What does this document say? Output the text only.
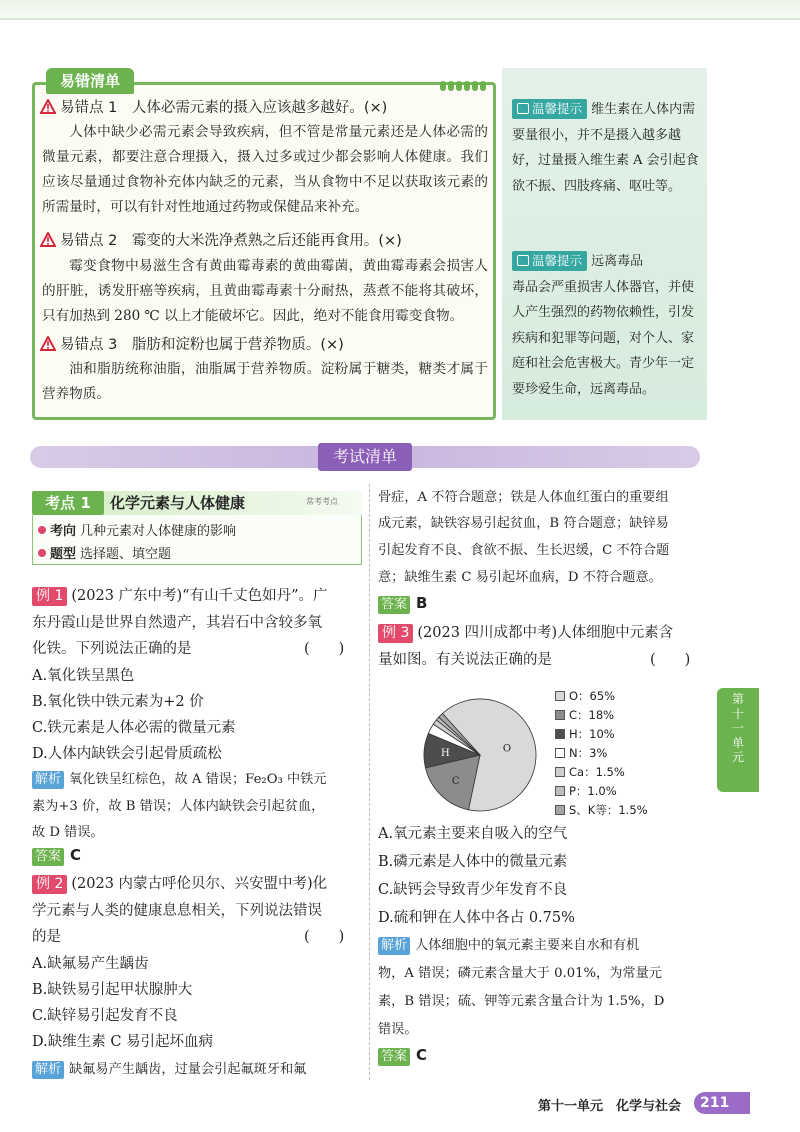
易错清单
易错点 1　人体必需元素的摄入应该越多越好。(×)
人体中缺少必需元素会导致疾病，但不管是常量元素还是人体必需的微量元素，都要注意合理摄入，摄入过多或过少都会影响人体健康。我们应该尽量通过食物补充体内缺乏的元素，当从食物中不足以获取该元素的所需量时，可以有针对性地通过药物或保健品来补充。
易错点 2　霉变的大米洗净煮熟之后还能再食用。(×)
霉变食物中易滋生含有黄曲霉毒素的黄曲霉菌，黄曲霉毒素会损害人的肝脏，诱发肝癌等疾病，且黄曲霉毒素十分耐热，蒸煮不能将其破坏，只有加热到 280 ℃ 以上才能破坏它。因此，绝对不能食用霉变食物。
易错点 3　脂肪和淀粉也属于营养物质。(×)
油和脂肪统称油脂，油脂属于营养物质。淀粉属于糖类，糖类才属于营养物质。
温馨提示 维生素在人体内需要量很小，并不是摄入越多越好，过量摄入维生素 A 会引起食欲不振、四肢疼痛、呕吐等。
温馨提示 远离毒品
毒品会严重损害人体器官，并使人产生强烈的药物依赖性，引发疾病和犯罪等问题，对个人、家庭和社会危害极大。青少年一定要珍爱生命，远离毒品。
考试清单
考点 1	化学元素与人体健康	常考考点
考向 几种元素对人体健康的影响
题型 选择题、填空题
例 1 (2023 广东中考)“有山千丈色如丹”。广
东丹霞山是世界自然遗产，其岩石中含较多氧
化铁。下列说法正确的是	(　　)
A.氧化铁呈黑色
B.氧化铁中铁元素为+2 价
C.铁元素是人体必需的微量元素
D.人体内缺铁会引起骨质疏松
解析 氧化铁呈红棕色，故 A 错误；Fe₂O₃ 中铁元
素为+3 价，故 B 错误；人体内缺铁会引起贫血，
故 D 错误。
答案 C
例 2 (2023 内蒙古呼伦贝尔、兴安盟中考)化
学元素与人类的健康息息相关，下列说法错误
的是	(　　)
A.缺氟易产生龋齿
B.缺铁易引起甲状腺肿大
C.缺锌易引起发育不良
D.缺维生素 C 易引起坏血病
解析 缺氟易产生龋齿，过量会引起氟斑牙和氟
骨症，A 不符合题意；铁是人体血红蛋白的重要组
成元素，缺铁容易引起贫血，B 符合题意；缺锌易
引起发育不良、食欲不振、生长迟缓，C 不符合题
意；缺维生素 C 易引起坏血病，D 不符合题意。
答案 B
例 3 (2023 四川成都中考)人体细胞中元素含
量如图。有关说法正确的是	(　　)
O
C
H
O：65%
C：18%
H：10%
N：3%
Ca：1.5%
P：1.0%
S、K等：1.5%
A.氧元素主要来自吸入的空气
B.磷元素是人体中的微量元素
C.缺钙会导致青少年发育不良
D.硫和钾在人体中各占 0.75%
解析 人体细胞中的氧元素主要来自水和有机
物，A 错误；磷元素含量大于 0.01%，为常量元
素，B 错误；硫、钾等元素含量合计为 1.5%，D
错误。
答案 C
第
十
一
单
元
第十一单元　化学与社会	211
